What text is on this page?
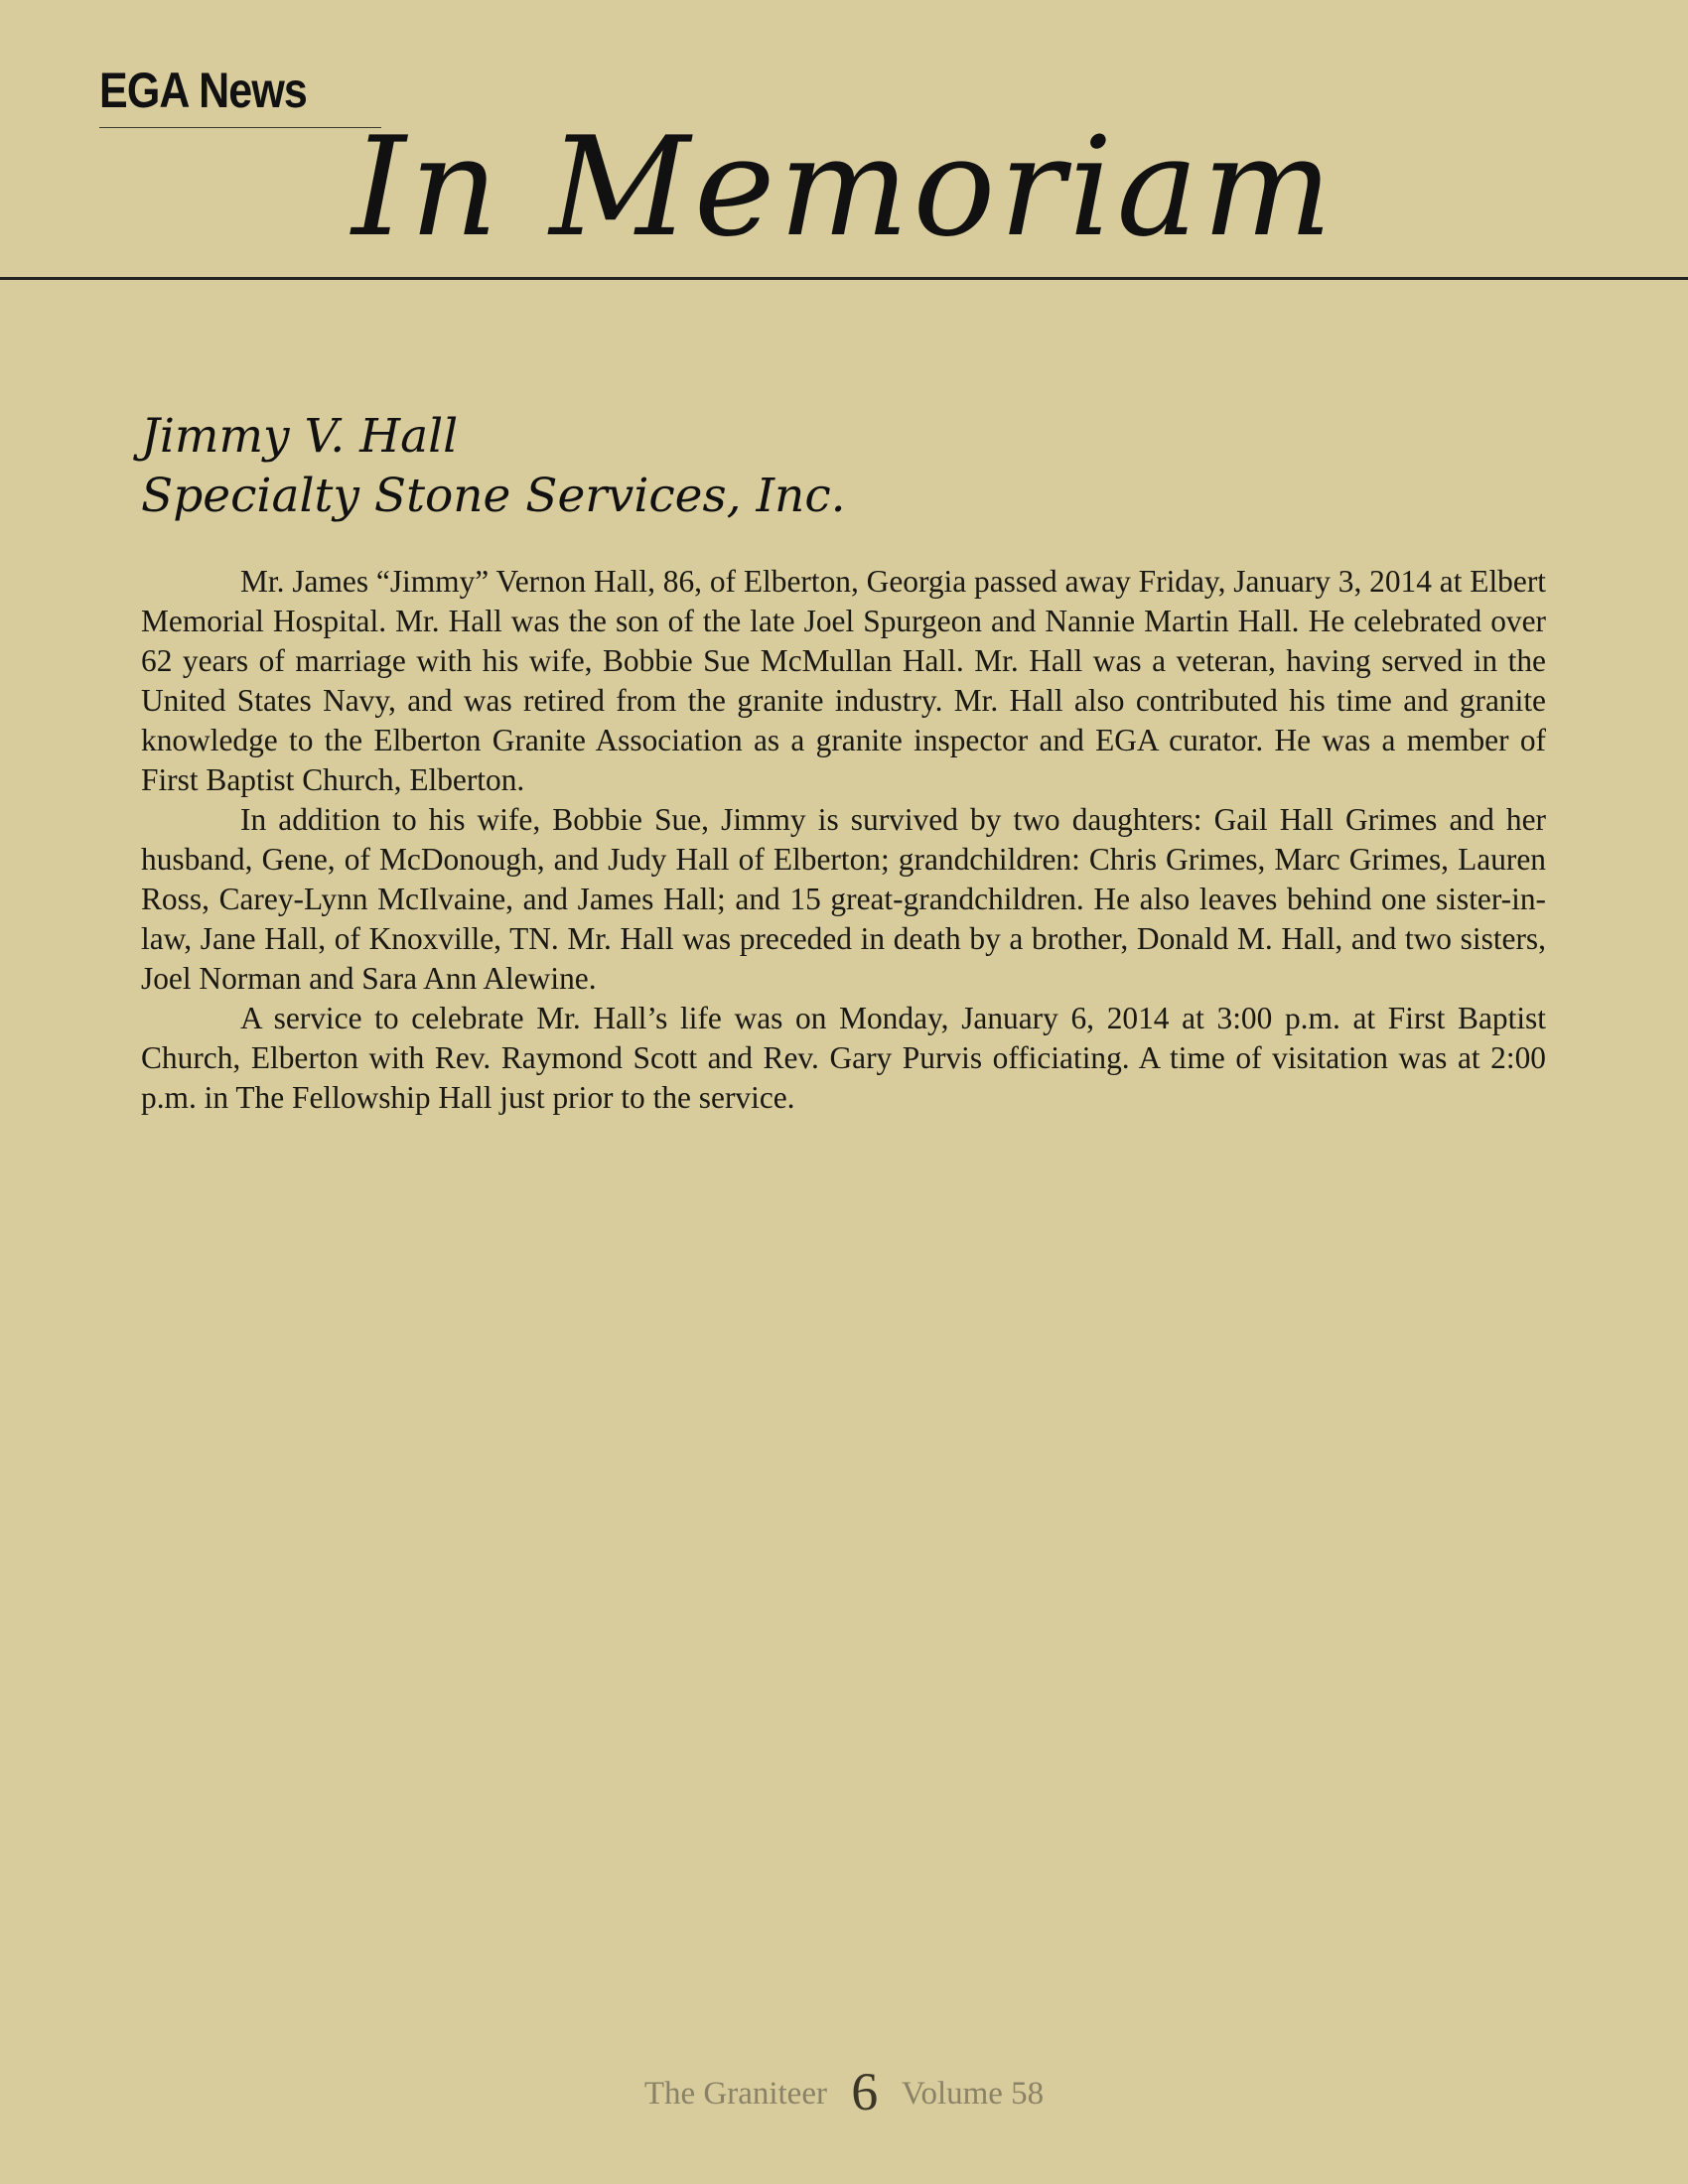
EGA News
In Memoriam
Jimmy V. Hall
Specialty Stone Services, Inc.

Mr. James “Jimmy” Vernon Hall, 86, of Elberton, Georgia passed away Friday, January 3, 2014 at Elbert Memorial Hospital. Mr. Hall was the son of the late Joel Spurgeon and Nannie Martin Hall. He celebrated over 62 years of marriage with his wife, Bobbie Sue McMullan Hall. Mr. Hall was a veteran, having served in the United States Navy, and was retired from the granite industry. Mr. Hall also contributed his time and granite knowledge to the Elberton Granite Association as a granite inspector and EGA curator. He was a member of First Baptist Church, Elberton.

In addition to his wife, Bobbie Sue, Jimmy is survived by two daughters: Gail Hall Grimes and her husband, Gene, of McDonough, and Judy Hall of Elberton; grandchildren: Chris Grimes, Marc Grimes, Lauren Ross, Carey-Lynn McIlvaine, and James Hall; and 15 great-grandchildren. He also leaves behind one sister-in-law, Jane Hall, of Knoxville, TN. Mr. Hall was preceded in death by a brother, Donald M. Hall, and two sisters, Joel Norman and Sara Ann Alewine.

A service to celebrate Mr. Hall’s life was on Monday, January 6, 2014 at 3:00 p.m. at First Baptist Church, Elberton with Rev. Raymond Scott and Rev. Gary Purvis officiating. A time of visitation was at 2:00 p.m. in The Fellowship Hall just prior to the service.

The Graniteer 6 Volume 58
